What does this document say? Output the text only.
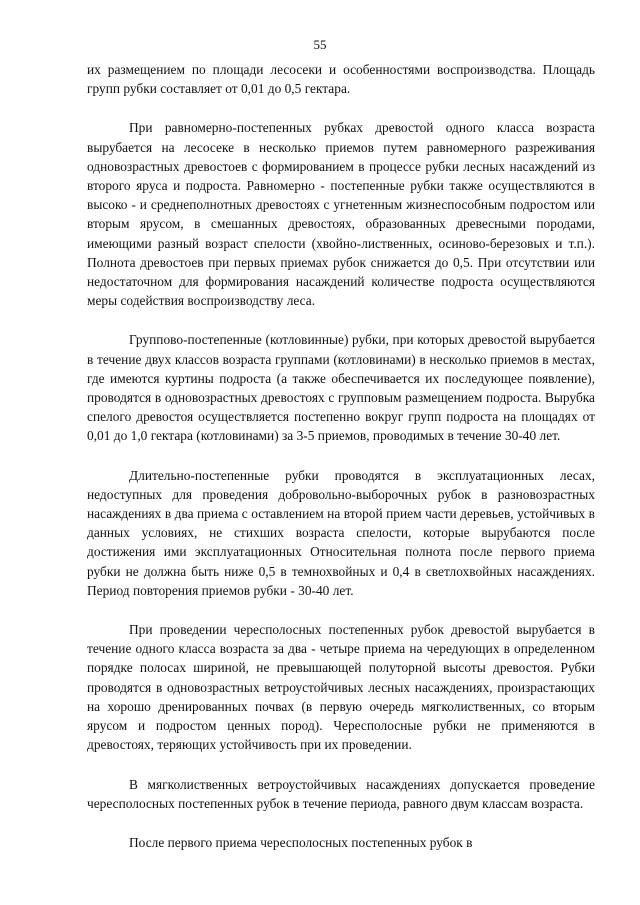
55

их размещением по площади лесосеки и особенностями воспроизводства. Площадь групп рубки составляет от 0,01 до 0,5 гектара.

При равномерно-постепенных рубках древостой одного класса возраста вырубается на лесосеке в несколько приемов путем равномерного разреживания одновозрастных древостоев с формированием в процессе рубки лесных насаждений из второго яруса и подроста. Равномерно - постепенные рубки также осуществляются в высоко - и среднеполнотных древостоях с угнетенным жизнеспособным подростом или вторым ярусом, в смешанных древостоях, образованных древесными породами, имеющими разный возраст спелости (хвойно-лиственных, осиново-березовых и т.п.). Полнота древостоев при первых приемах рубок снижается до 0,5. При отсутствии или недостаточном для формирования насаждений количестве подроста осуществляются меры содействия воспроизводству леса.

Группово-постепенные (котловинные) рубки, при которых древостой вырубается в течение двух классов возраста группами (котловинами) в несколько приемов в местах, где имеются куртины подроста (а также обеспечивается их последующее появление), проводятся в одновозрастных древостоях с групповым размещением подроста. Вырубка спелого древостоя осуществляется постепенно вокруг групп подроста на площадях от 0,01 до 1,0 гектара (котловинами) за 3-5 приемов, проводимых в течение 30-40 лет.

Длительно-постепенные рубки проводятся в эксплуатационных лесах, недоступных для проведения добровольно-выборочных рубок в разновозрастных насаждениях в два приема с оставлением на второй прием части деревьев, устойчивых в данных условиях, не стихших возраста спелости, которые вырубаются после достижения ими эксплуатационных Относительная полнота после первого приема рубки не должна быть ниже 0,5 в темнохвойных и 0,4 в светлохвойных насаждениях. Период повторения приемов рубки - 30-40 лет.

При проведении чересполосных постепенных рубок древостой вырубается в течение одного класса возраста за два - четыре приема на чередующих в определенном порядке полосах шириной, не превышающей полуторной высоты древостоя. Рубки проводятся в одновозрастных ветроустойчивых лесных насаждениях, произрастающих на хорошо дренированных почвах (в первую очередь мягколиственных, со вторым ярусом и подростом ценных пород). Чересполосные рубки не применяются в древостоях, теряющих устойчивость при их проведении.

В мягколиственных ветроустойчивых насаждениях допускается проведение чересполосных постепенных рубок в течение периода, равного двум классам возраста.

После первого приема чересполосных постепенных рубок в
